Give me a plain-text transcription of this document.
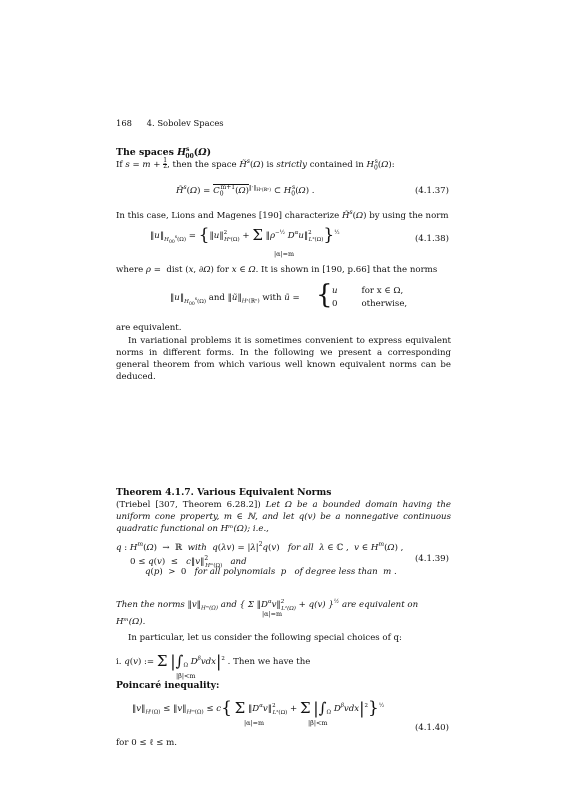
168 4. Sobolev Spaces
The spaces $H^s_{00}(\Omega)$
If s = m + 1
2, then the space H̃$^s$(Ω) is strictly contained in $H_0^s(\Omega)$:
H̃$^s$(Ω) = $C_0^{m+1}(\Omega)^{‖\cdot‖_{Hˢ(ℝ^n)}}$ ⊂ $H_0^s(\Omega)$ .	(4.1.37)
In this case, Lions and Magenes [190] characterize H̃$^s$(Ω) by using the norm
$‖u‖_{H_{00}^s(\Omega)}$ = {‖u‖$^2_{Hˢ(\Omega)}$ + Σ $‖\rho^{-\frac{1}{2}}$ $D^\alpha u‖^2_{L^2(\Omega)}\}^{\frac{1}{2}}$
|α|=m
(4.1.38)
where ρ =  dist (x, ∂Ω) for x ∈ Ω. It is shown in [190, p.66] that the norms
$‖u‖_{H_{00}^s(\Omega)}$ and $‖ũ‖_{Hˢ(ℝ^n)}$ with ũ = { u	for x ∈ Ω,
0	otherwise,
are equivalent.
In variational problems it is sometimes convenient to express equivalent norms in different forms. In the following we present a corresponding general theorem from which various well known equivalent norms can be deduced.
Theorem 4.1.7. Various Equivalent Norms
(Triebel [307, Theorem 6.28.2]) Let Ω be a bounded domain having the uniform cone property, m ∈ ℕ, and let q(v) be a nonnegative continuous quadratic functional on Hᵐ(Ω); i.e.,
q : $H^m(\Omega)$  →  ℝ  with $q(\lambda v) = |\lambda|^2q(v)$   for all λ ∈ ℂ ,  v ∈ $H^m(\Omega)$ ,
0 ≤ q(v)  ≤   c‖v‖$^2_{Hᵐ(\Omega)}$ and	(4.1.39)
q(p)  >  0   for all polynomials p of degree less than m .
Then the norms $‖v‖_{Hᵐ(\Omega)}$ and { Σ $‖D^\alpha v‖^2_{L^2(\Omega)} + q(v)$ }$^{\frac{1}{2}}$ are equivalent on
|α|=m
Hᵐ(Ω).
In particular, let us consider the following special choices of q:
i. q(v) := Σ $|\int_\Omega$ $D^\beta vdx|^2$ . Then we have the
|β|<m
Poincaré inequality:
$‖v‖_{Hˡ(\Omega)}$ ≤ $‖v‖_{Hᵐ(\Omega)} \le c${ Σ $‖D^\alpha v‖^2_{L^2(\Omega)} + \Sigma$ $|\int_\Omega$ $D^\beta vdx|^2\}^{\frac{1}{2}}$
|α|=m	|β|<m	(4.1.40)
for 0 ≤ ℓ ≤ m.
